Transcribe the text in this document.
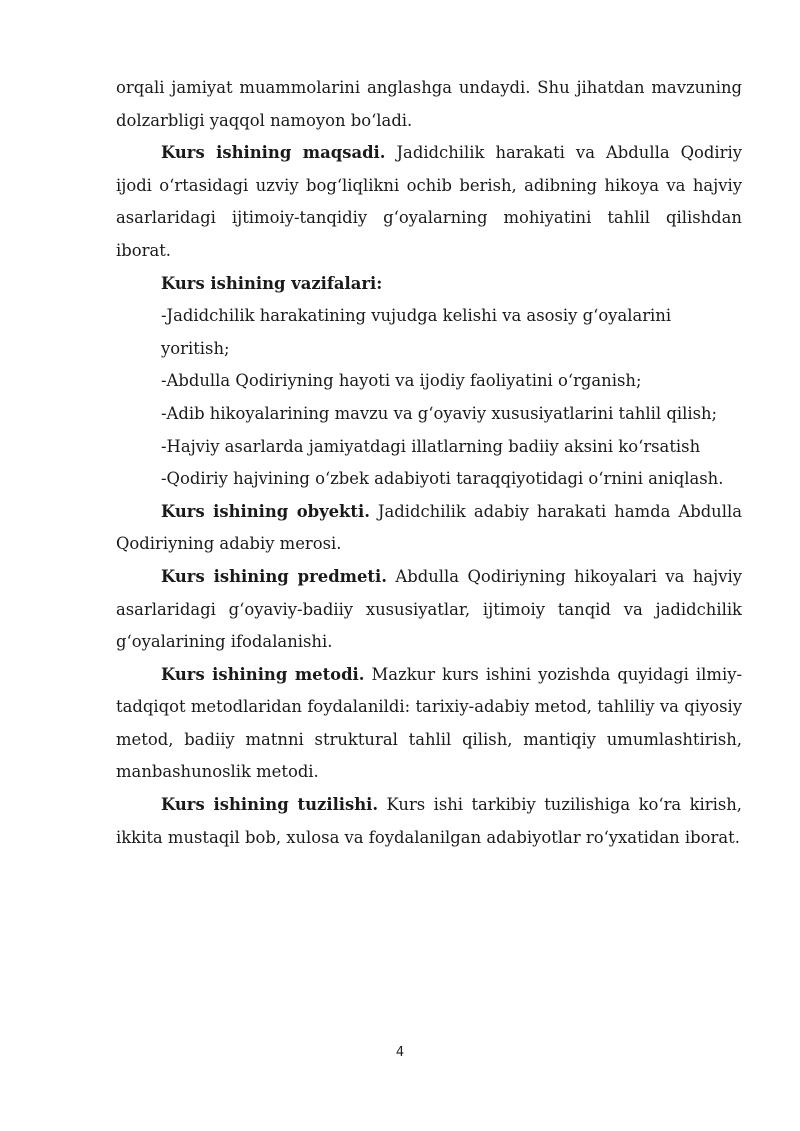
orqali jamiyat muammolarini anglashga undaydi. Shu jihatdan mavzuning dolzarbligi yaqqol namoyon bo‘ladi.

Kurs ishining maqsadi. Jadidchilik harakati va Abdulla Qodiriy ijodi o‘rtasidagi uzviy bog‘liqlikni ochib berish, adibning hikoya va hajviy asarlaridagi ijtimoiy-tanqidiy g‘oyalarning mohiyatini tahlil qilishdan iborat.

Kurs ishining vazifalari:

-Jadidchilik harakatining vujudga kelishi va asosiy g‘oyalarini yoritish;

-Abdulla Qodiriyning hayoti va ijodiy faoliyatini o‘rganish;

-Adib hikoyalarining mavzu va g‘oyaviy xususiyatlarini tahlil qilish;

-Hajviy asarlarda jamiyatdagi illatlarning badiiy aksini ko‘rsatish

-Qodiriy hajvining o‘zbek adabiyoti taraqqiyotidagi o‘rnini aniqlash.

Kurs ishining obyekti. Jadidchilik adabiy harakati hamda Abdulla Qodiriyning adabiy merosi.

Kurs ishining predmeti. Abdulla Qodiriyning hikoyalari va hajviy asarlaridagi g‘oyaviy-badiiy xususiyatlar, ijtimoiy tanqid va jadidchilik g‘oyalarining ifodalanishi.

Kurs ishining metodi. Mazkur kurs ishini yozishda quyidagi ilmiy-tadqiqot metodlaridan foydalanildi: tarixiy-adabiy metod, tahliliy va qiyosiy metod, badiiy matnni struktural tahlil qilish, mantiqiy umumlashtirish, manbashunoslik metodi.

Kurs ishining tuzilishi. Kurs ishi tarkibiy tuzilishiga ko‘ra kirish, ikkita mustaqil bob, xulosa va foydalanilgan adabiyotlar ro‘yxatidan iborat.

4
